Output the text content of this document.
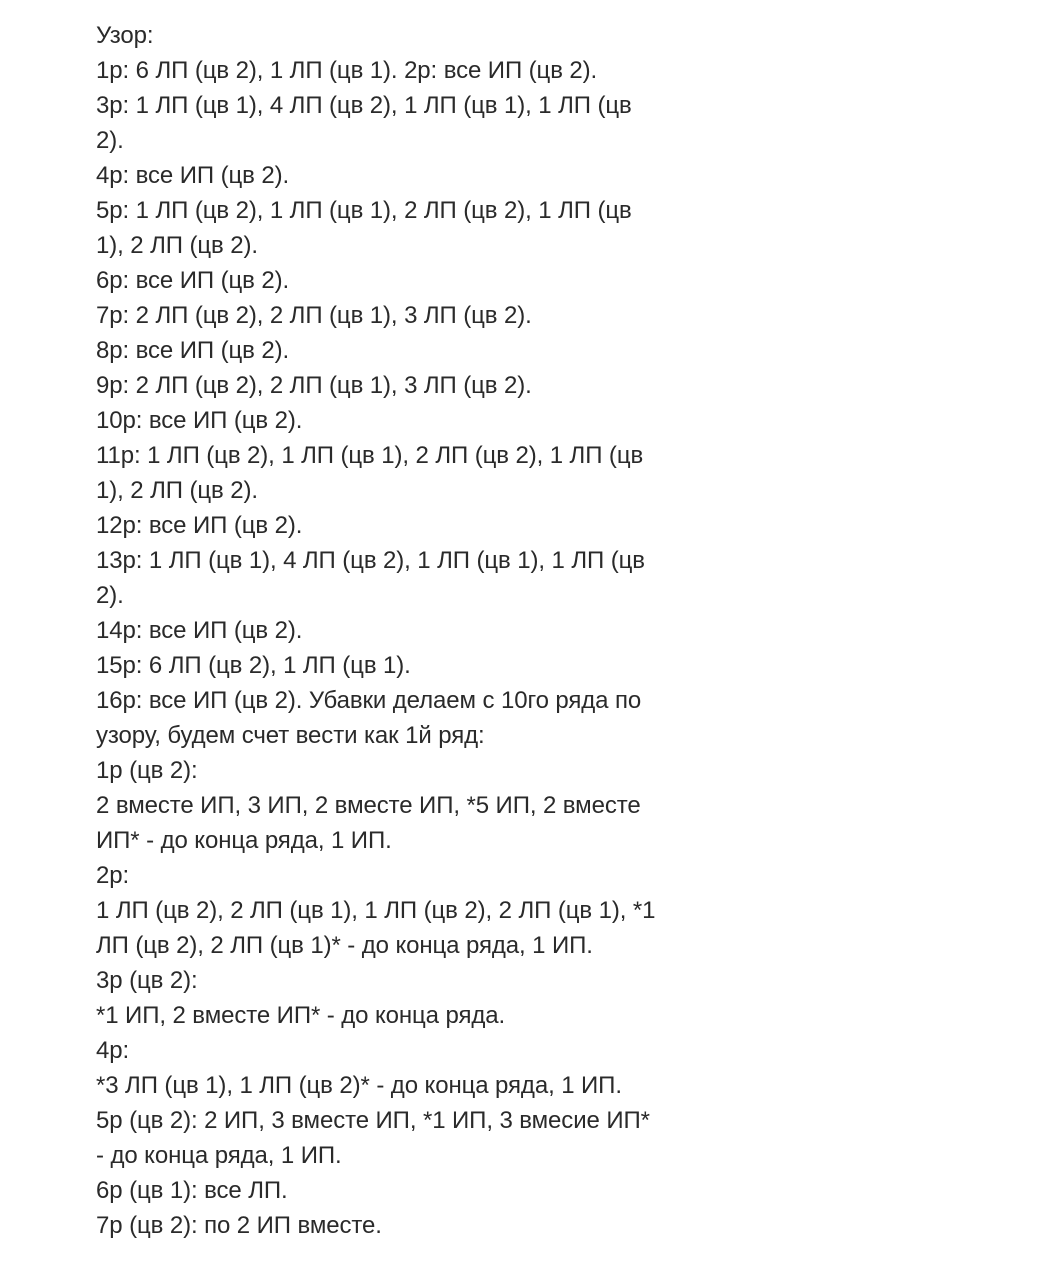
Узор:
1р: 6 ЛП (цв 2), 1 ЛП (цв 1). 2р: все ИП (цв 2).
3р: 1 ЛП (цв 1), 4 ЛП (цв 2), 1 ЛП (цв 1), 1 ЛП (цв
2).
4р: все ИП (цв 2).
5р: 1 ЛП (цв 2), 1 ЛП (цв 1), 2 ЛП (цв 2), 1 ЛП (цв
1), 2 ЛП (цв 2).
6р: все ИП (цв 2).
7р: 2 ЛП (цв 2), 2 ЛП (цв 1), 3 ЛП (цв 2).
8р: все ИП (цв 2).
9р: 2 ЛП (цв 2), 2 ЛП (цв 1), 3 ЛП (цв 2).
10р: все ИП (цв 2).
11р: 1 ЛП (цв 2), 1 ЛП (цв 1), 2 ЛП (цв 2), 1 ЛП (цв
1), 2 ЛП (цв 2).
12р: все ИП (цв 2).
13р: 1 ЛП (цв 1), 4 ЛП (цв 2), 1 ЛП (цв 1), 1 ЛП (цв
2).
14р: все ИП (цв 2).
15р: 6 ЛП (цв 2), 1 ЛП (цв 1).
16р: все ИП (цв 2). Убавки делаем с 10го ряда по
узору, будем счет вести как 1й ряд:
1р (цв 2):
2 вместе ИП, 3 ИП, 2 вместе ИП, *5 ИП, 2 вместе
ИП* - до конца ряда, 1 ИП.
2р:
1 ЛП (цв 2), 2 ЛП (цв 1), 1 ЛП (цв 2), 2 ЛП (цв 1), *1
ЛП (цв 2), 2 ЛП (цв 1)* - до конца ряда, 1 ИП.
3р (цв 2):
*1 ИП, 2 вместе ИП* - до конца ряда.
4р:
*3 ЛП (цв 1), 1 ЛП (цв 2)* - до конца ряда, 1 ИП.
5р (цв 2): 2 ИП, 3 вместе ИП, *1 ИП, 3 вмесие ИП*
- до конца ряда, 1 ИП.
6р (цв 1): все ЛП.
7р (цв 2): по 2 ИП вместе.
